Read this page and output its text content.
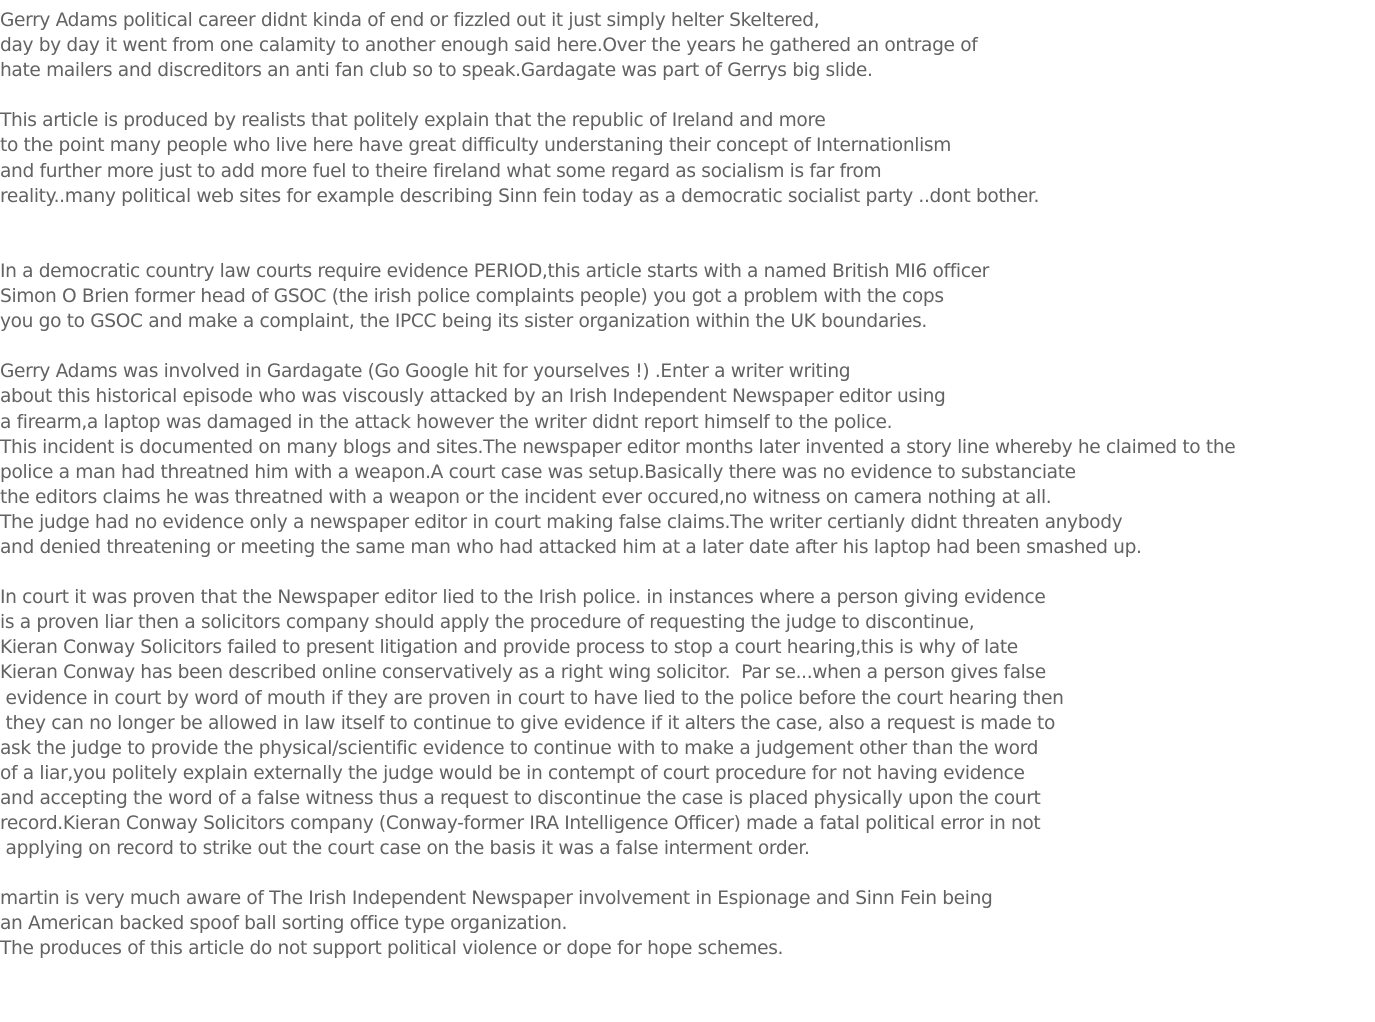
Gerry Adams political career didnt kinda of end or fizzled out it just simply helter Skeltered,
day by day it went from one calamity to another enough said here.Over the years he gathered an ontrage of
hate mailers and discreditors an anti fan club so to speak.Gardagate was part of Gerrys big slide.
This article is produced by realists that politely explain that the republic of Ireland and more
to the point many people who live here have great difficulty understaning their concept of Internationlism
and further more just to add more fuel to theire fireland what some regard as socialism is far from
reality..many political web sites for example describing Sinn fein today as a democratic socialist party ..dont bother.
In a democratic country law courts require evidence PERIOD,this article starts with a named British MI6 officer
Simon O Brien former head of GSOC (the irish police complaints people) you got a problem with the cops
you go to GSOC and make a complaint, the IPCC being its sister organization within the UK boundaries.
Gerry Adams was involved in Gardagate (Go Google hit for yourselves !) .Enter a writer writing
about this historical episode who was viscously attacked by an Irish Independent Newspaper editor using
a firearm,a laptop was damaged in the attack however the writer didnt report himself to the police.
This incident is documented on many blogs and sites.The newspaper editor months later invented a story line whereby he claimed to the
police a man had threatned him with a weapon.A court case was setup.Basically there was no evidence to substanciate
the editors claims he was threatned with a weapon or the incident ever occured,no witness on camera nothing at all.
The judge had no evidence only a newspaper editor in court making false claims.The writer certianly didnt threaten anybody
and denied threatening or meeting the same man who had attacked him at a later date after his laptop had been smashed up.
In court it was proven that the Newspaper editor lied to the Irish police. in instances where a person giving evidence
is a proven liar then a solicitors company should apply the procedure of requesting the judge to discontinue,
Kieran Conway Solicitors failed to present litigation and provide process to stop a court hearing,this is why of late
Kieran Conway has been described online conservatively as a right wing solicitor.  Par se...when a person gives false
evidence in court by word of mouth if they are proven in court to have lied to the police before the court hearing then
they can no longer be allowed in law itself to continue to give evidence if it alters the case, also a request is made to
ask the judge to provide the physical/scientific evidence to continue with to make a judgement other than the word
of a liar,you politely explain externally the judge would be in contempt of court procedure for not having evidence
and accepting the word of a false witness thus a request to discontinue the case is placed physically upon the court
record.Kieran Conway Solicitors company (Conway-former IRA Intelligence Officer) made a fatal political error in not
applying on record to strike out the court case on the basis it was a false interment order.
martin is very much aware of The Irish Independent Newspaper involvement in Espionage and Sinn Fein being
an American backed spoof ball sorting office type organization.
The produces of this article do not support political violence or dope for hope schemes.
